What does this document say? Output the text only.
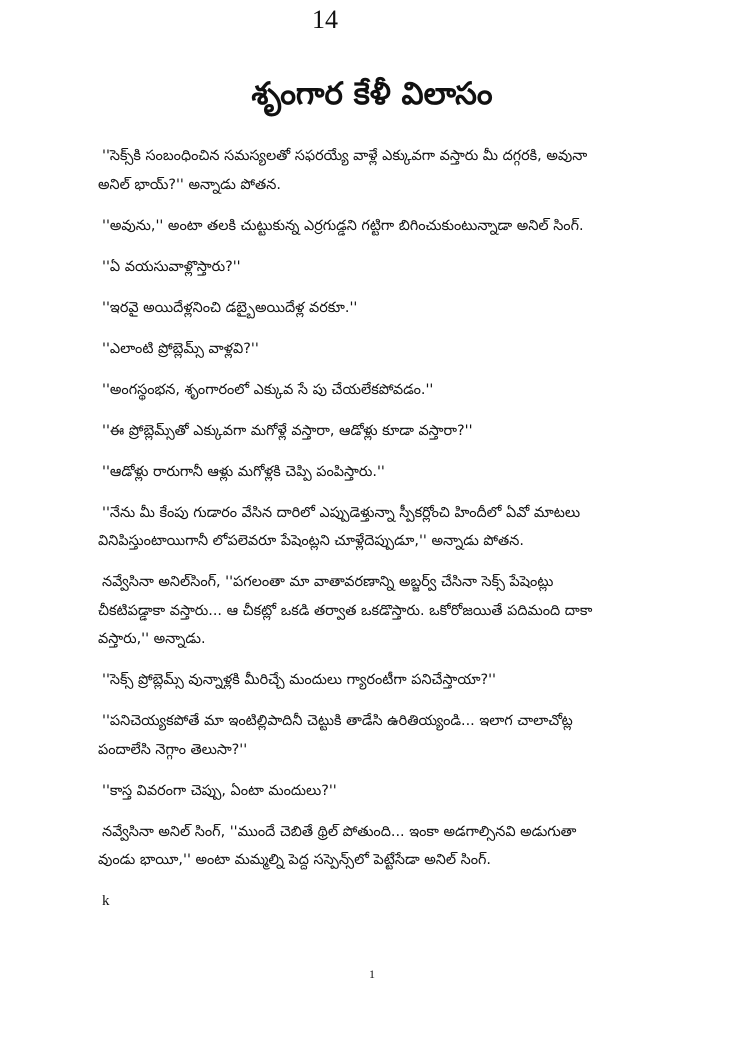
14
శృంగార కేళీ విలాసం

''సెక్స్‌కి సంబంధించిన సమస్యలతో సఫరయ్యే వాళ్లే ఎక్కువగా వస్తారు మీ దగ్గరకి, అవునా
అనిల్ భాయ్?'' అన్నాడు పోతన.

''అవును,'' అంటా తలకి చుట్టుకున్న ఎర్రగుడ్డని గట్టిగా బిగించుకుంటున్నాడా అనిల్ సింగ్.

''ఏ వయసువాళ్లొస్తారు?''

''ఇరవై అయిదేళ్లనించి డబ్బైఅయిదేళ్ల వరకూ.''

''ఎలాంటి ప్రోబ్లెమ్స్ వాళ్లవి?''

''అంగస్థంభన, శృంగారంలో ఎక్కువ సే పు చేయలేకపోవడం.''

''ఈ ప్రోబ్లెమ్స్‌తో ఎక్కువగా మగోళ్లే వస్తారా, ఆడోళ్లు కూడా వస్తారా?''

''ఆడోళ్లు రారుగానీ ఆళ్లు మగోళ్లకి చెప్పి పంపిస్తారు.''

''నేను మీ కేంపు గుడారం వేసిన దారిలో ఎప్పుడెళ్తున్నా స్పీకర్లోంచి హిందీలో ఏవో మాటలు
వినిపిస్తుంటాయిగానీ లోపలెవరూ పేషెంట్లని చూళ్లేదెప్పుడూ,'' అన్నాడు పోతన.

నవ్వేసినా అనిల్‌సింగ్, ''పగలంతా మా వాతావరణాన్ని అబ్జర్వ్ చేసినా సెక్స్ పేషెంట్లు
చీకటిపడ్డాకా వస్తారు... ఆ చీకట్లో ఒకడి తర్వాత ఒకడొస్తారు. ఒకోరోజయితే పదిమంది దాకా
వస్తారు,'' అన్నాడు.

''సెక్స్ ప్రోబ్లెమ్స్ వున్నాళ్లకి మీరిచ్చే మందులు గ్యారంటీగా పనిచేస్తాయా?''

''పనిచెయ్యకపోతే మా ఇంటిల్లిపాదినీ చెట్టుకి తాడేసి ఉరితియ్యండి... ఇలాగ చాలాచోట్ల
పందాలేసి నెగ్గాం తెలుసా?''

''కాస్త వివరంగా చెప్పు, ఏంటా మందులు?''

నవ్వేసినా అనిల్ సింగ్, ''ముందే చెబితే థ్రిల్ పోతుంది... ఇంకా అడగాల్సినవి అడుగుతా
వుండు భాయీ,'' అంటా మమ్మల్ని పెద్ద సస్పెన్స్‌లో పెట్టేసేడా అనిల్ సింగ్.

k

1
